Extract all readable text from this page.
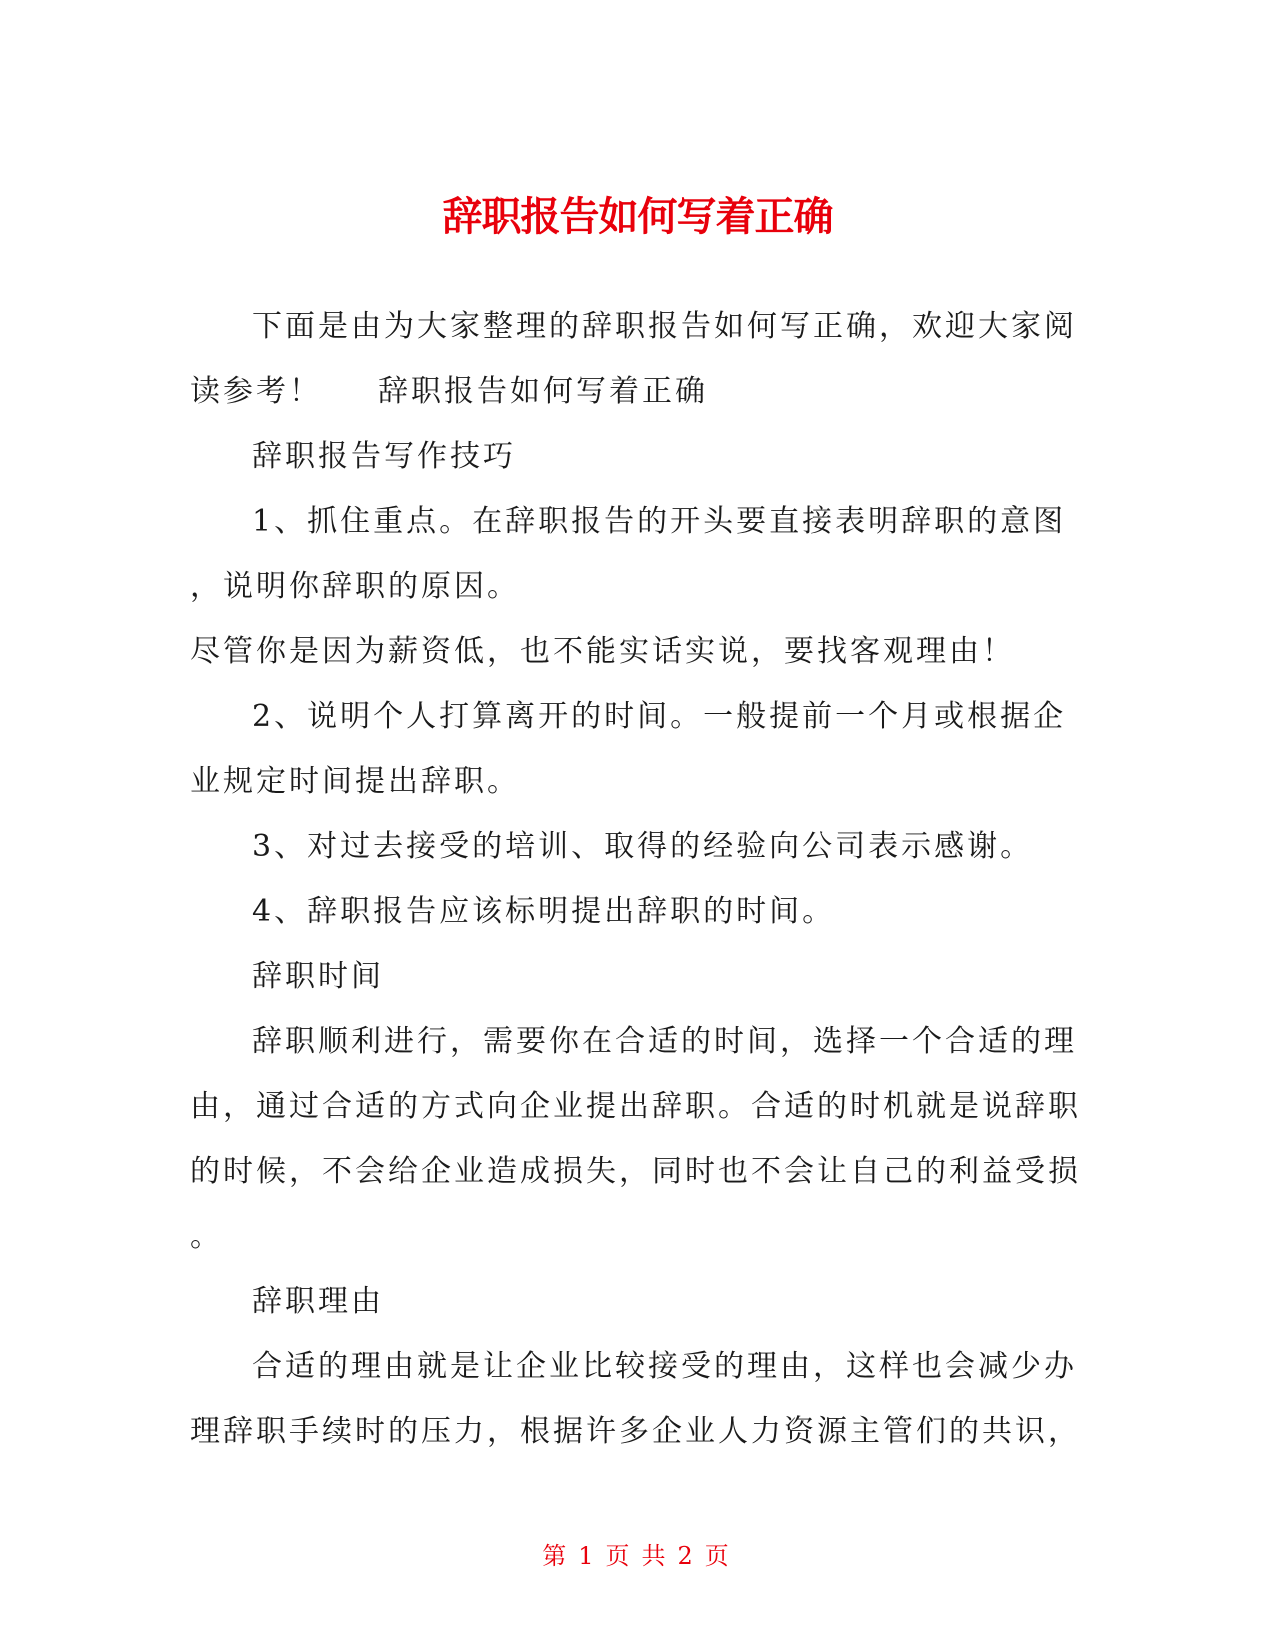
辞职报告如何写着正确

下面是由为大家整理的辞职报告如何写正确，欢迎大家阅

读参考！ 辞职报告如何写着正确

辞职报告写作技巧

1、抓住重点。在辞职报告的开头要直接表明辞职的意图

，说明你辞职的原因。

尽管你是因为薪资低，也不能实话实说，要找客观理由！

2、说明个人打算离开的时间。一般提前一个月或根据企

业规定时间提出辞职。

3、对过去接受的培训、取得的经验向公司表示感谢。

4、辞职报告应该标明提出辞职的时间。

辞职时间

辞职顺利进行，需要你在合适的时间，选择一个合适的理

由，通过合适的方式向企业提出辞职。合适的时机就是说辞职

的时候，不会给企业造成损失，同时也不会让自己的利益受损

。

辞职理由

合适的理由就是让企业比较接受的理由，这样也会减少办

理辞职手续时的压力，根据许多企业人力资源主管们的共识，

第 1 页 共 2 页
